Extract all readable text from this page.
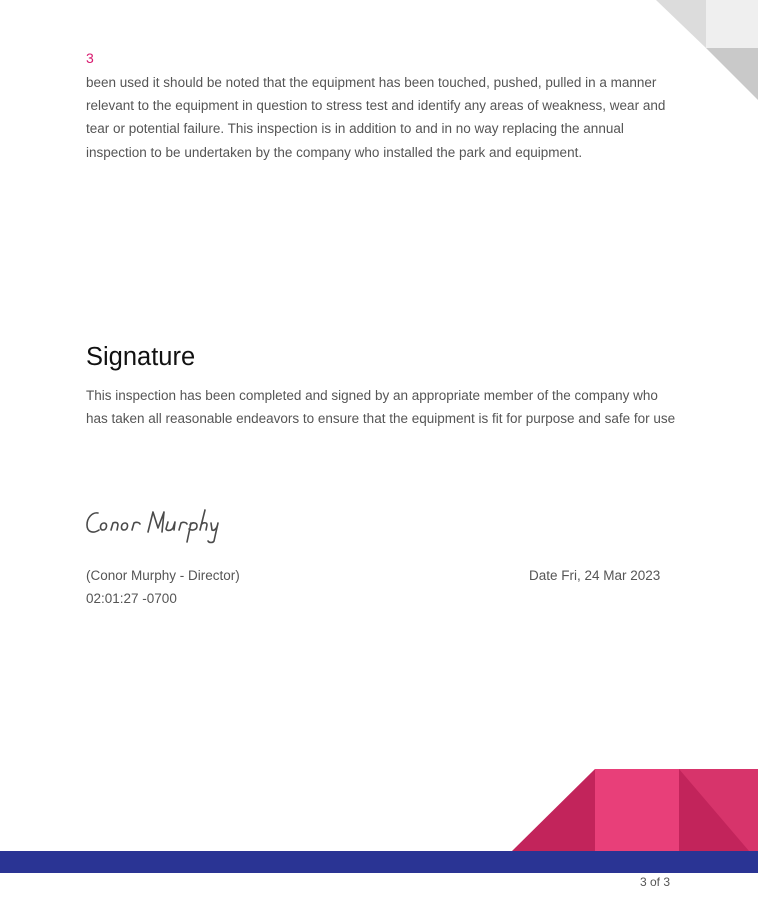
3

been used it should be noted that the equipment has been touched, pushed, pulled in a manner relevant to the equipment in question to stress test and identify any areas of weakness, wear and tear or potential failure. This inspection is in addition to and in no way replacing the annual inspection to be undertaken by the company who installed the park and equipment.

Signature

This inspection has been completed and signed by an appropriate member of the company who has taken all reasonable endeavors to ensure that the equipment is fit for purpose and safe for use

(Conor Murphy - Director)	Date Fri, 24 Mar 2023
02:01:27 -0700
3 of 3
